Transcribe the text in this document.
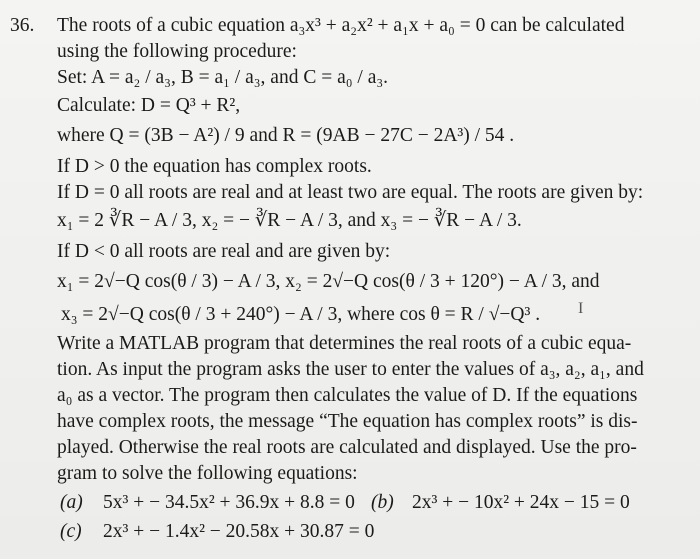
36. The roots of a cubic equation a₃x³ + a₂x² + a₁x + a₀ = 0 can be calculated
using the following procedure:
Set: A = a₂ / a₃, B = a₁ / a₃, and C = a₀ / a₃.
Calculate: D = Q³ + R²,
where Q = (3B − A²) / 9 and R = (9AB − 27C − 2A³) / 54 .
If D > 0 the equation has complex roots.
If D = 0 all roots are real and at least two are equal. The roots are given by:
x₁ = 2 ∛R − A / 3, x₂ = − ∛R − A / 3, and x₃ = − ∛R − A / 3.
If D < 0 all roots are real and are given by:
x₁ = 2√−Q cos(θ / 3) − A / 3, x₂ = 2√−Q cos(θ / 3 + 120°) − A / 3, and
x₃ = 2√−Q cos(θ / 3 + 240°) − A / 3, where cos θ = R / √−Q³ . I
Write a MATLAB program that determines the real roots of a cubic equa-
tion. As input the program asks the user to enter the values of a₃, a₂, a₁, and
a₀ as a vector. The program then calculates the value of D. If the equations
have complex roots, the message “The equation has complex roots” is dis-
played. Otherwise the real roots are calculated and displayed. Use the pro-
gram to solve the following equations:
(a) 5x³ + − 34.5x² + 36.9x + 8.8 = 0 (b) 2x³ + − 10x² + 24x − 15 = 0
(c) 2x³ + − 1.4x² − 20.58x + 30.87 = 0
